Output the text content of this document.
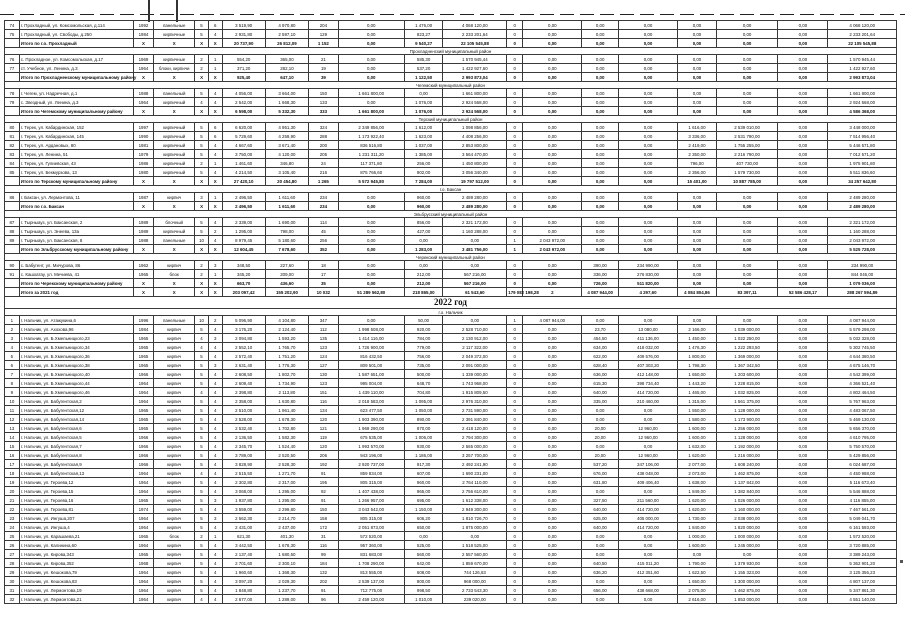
74	г. Прохладный, ул. Комсомольская, д.114	1992	панельные	5	6	3 519,90	4 970,80	204	0,00	1 476,00	4 068 120,00	0	0,00	0,00	0,00	0,00	0,00	0,00	4 068 120,00
75	г. Прохладный, ул. Свободы, д.250	1984	кирпичные	5	4	2 931,80	2 597,10	129	0,00	823,27	2 233 201,64	0	0,00	0,00	0,00	0,00	0,00	0,00	2 233 201,64
	Итого по г.о. Прохладный	X	X	X	X	20 737,90	26 812,09	1 152	0,00	9 540,27	22 105 545,88	0	0,00	0,00	0,00	0,00	0,00	0,00	22 105 545,88
Прохладненский муниципальный район																			
76	с. Прохладное, ул. Комсомольская, д.17	1969	кирпичные	2	1	554,20	365,00	21	0,00	585,30	1 570 945,44	0	0,00	0,00	0,00	0,00	0,00	0,00	1 570 945,44
77	ст. Учебное, ул. Ленина, д.3	1964	блоки, кирпичи	2	1	371,20	282,10	19	0,00	537,20	1 422 927,60	0	0,00	0,00	0,00	0,00	0,00	0,00	1 422 927,60
	Итого по Прохладненскому муниципальному району	X	X	X	X	925,40	647,10	39	0,00	1 122,50	2 993 873,04	0	0,00	0,00	0,00	0,00	0,00	0,00	2 993 873,04
Чегемский муниципальный район																			
78	г. Чегем, ул. Надречная, д.1	1988	панельный	5	4	4 056,00	3 664,00	150	1 661 800,00	0,00	1 661 800,00	0	0,00	0,00	0,00	0,00	0,00	0,00	1 661 800,00
79	с. Звездный, ул. Ленина, д.3	1964	кирпичный	4	4	2 542,00	1 668,30	133	0,00	1 076,00	2 924 568,00	0	0,00	0,00	0,00	0,00	0,00	0,00	2 924 568,00
	Итого по Чегемскому муниципальному району	X	X	X	X	6 598,00	5 332,30	333	1 661 800,00	1 076,00	2 924 568,00	0	0,00	0,00	0,00	0,00	0,00	0,00	4 586 368,00
Терский муниципальный район																			
80	г. Терек, ул. Кабардинская, 152	1997	кирпичный	5	6	6 620,00	4 951,30	324	2 349 856,00	1 612,00	1 098 856,00	0	0,00	0,00	0,00	1 616,00	2 539 010,00	0,00	3 448 000,00
81	г. Терек, ул. Кабардинская, 145	1990	кирпичный	5	6	5 729,60	4 259,90	288	1 173 922,40	1 623,00	4 408 256,00	0	0,00	0,00	0,00	3 336,00	2 531 790,00	0,00	7 514 956,40
82	г. Терек, ул. Ардановых, 80	1981	кирпичный	5	4	4 667,60	3 671,40	200	836 516,80	1 037,00	2 853 800,00	0	0,00	0,00	0,00	2 419,00	1 755 255,00	0,00	5 446 571,80
83	г. Терек, ул. Ленина, 51	1979	кирпичный	5	4	3 750,00	4 120,00	205	1 231 311,20	1 385,00	3 564 470,00	0	0,00	0,00	0,00	2 350,00	2 216 790,00	0,00	7 012 571,20
84	г. Терек, ул. Гулиевская, 43	1986	кирпичный	2	1	1 461,60	346,80	24	117 371,80	256,00	1 450 800,00	0	0,00	0,00	0,00	796,00	407 730,00	0,00	1 975 901,80
85	г. Терек, ул. Бекмурзова, 13	1980	кирпичный	5	4	4 214,50	3 105,40	216	875 766,60	902,00	3 056 340,00	0	0,00	0,00	0,00	2 356,00	1 579 730,00	0,00	5 511 836,60
	Итого по Терскому муниципальному району	X	X	X	X	27 420,10	20 454,80	1 265	5 572 945,80	7 284,00	19 797 512,00	0	0,00	0,00	0,00	15 401,00	10 887 785,00	0,00	34 257 642,80
г.о. Баксан																			
86	г. Баксан, ул. Лермонтова, 11	1987	кирпич	3	1	2 496,50	1 611,60	234	0,00	960,00	2 489 280,00	0	0,00	0,00	0,00	0,00	0,00	0,00	2 489 280,00
	Итого по г.о. Баксан	X	X	X	X	2 496,50	1 611,60	234	0,00	960,00	2 489 280,00	0	0,00	0,00	0,00	0,00	0,00	0,00	2 489 280,00
Эльбрусский муниципальный район																			
87	г. Тырныауз, ул. Баксанская, 2	1989	блочный	5	4	2 339,00	1 690,00	114	0,00	856,00	2 321 172,00	0	0,00	0,00	0,00	0,00	0,00	0,00	2 321 172,00
88	г. Тырныауз, ул. Энеева, 13а	1989	кирпичный	5	2	1 295,00	798,00	45	0,00	427,00	1 160 288,00	0	0,00	0,00	0,00	0,00	0,00	0,00	1 160 288,00
89	г. Тырныауз, ул. Баксанская, 8	1988	панельные	10	4	8 979,45	5 180,60	256	0,00	0,00	0,00	1	2 043 972,00	0,00	0,00	0,00	0,00	0,00	2 043 972,00
	Итого по Эльбрусскому муниципальному району	X	X	X	X	12 604,45	7 678,60	352	0,00	1 283,00	3 481 756,00	1	2 043 972,00	0,00	0,00	0,00	0,00	0,00	5 525 728,00
Черекский муниципальный район																			
90	с. Бабугент, ул. Мичурова, 86	1962	кирпич	2	3	348,50	227,60	18	0,00	0,00	0,00	0	0,00	390,00	234 990,00	0,00	0,00	0,00	234 990,00
91	с. Кашхатау, ул. Мечиева, 41	1965	блок	2	1	345,20	209,00	17	0,00	212,00	567 216,00	0	0,00	336,00	276 830,00	0,00	0,00	0,00	844 046,00
	Итого по Черекскому муниципальному району	X	X	X	X	663,70	436,60	35	0,00	212,00	567 216,00	0	0,00	726,00	511 820,00	0,00	0,00	0,00	1 079 036,00
	Итого за 2021 год	X	X	X	X	203 097,42	155 202,90	10 032	51 289 562,80	218 865,00	61 543,60	179 082 198,28	2	4 087 944,00	4 297,60	4 084 804,86	83 397,11	52 586 428,17	288 267 594,89
2022 год																			
г.о. Нальчик																			
1	г. Нальчик, ул. Атажукина,6	1996	панельные	10	2	5 096,90	4 104,80	347	0,00	50,00	0,00	1	4 087 944,00	0,00	0,00	0,00	0,00	0,00	4 087 944,00
2	г. Нальчик, ул. Ахохова,96	1984	кирпич	5	4	3 176,20	2 124,40	112	1 998 508,00	920,00	2 528 710,00	0	0,00	23,70	13 080,00	2 166,00	1 039 000,00	0,00	5 579 298,00
3	г. Нальчик, ул. Б.Хмельницкого,23	1965	кирпич	4	3	2 094,80	1 593,20	135	1 414 116,00	784,00	2 130 912,00	0	0,00	454,50	411 136,00	1 450,00	1 022 250,00	0,00	5 032 328,00
4	г. Нальчик, ул. Б.Хмельницкого,34	1965	кирпич	4	4	2 552,10	1 765,70	123	1 726 900,00	779,00	2 117 322,00	0	0,00	634,00	418 032,00	1 476,30	1 222 293,50	0,00	5 302 745,50
5	г. Нальчик, ул. Б.Хмельницкого,36	1965	кирпич	5	4	2 572,40	1 751,20	124	816 432,50	756,00	2 049 372,00	0	0,00	622,00	409 576,00	1 800,00	1 369 000,00	0,00	4 644 380,50
6	г. Нальчик, ул. Б.Хмельницкого,38	1965	кирпич	5	3	2 631,40	1 776,30	127	809 501,00	735,00	2 091 000,00	0	0,00	628,40	407 303,20	1 798,30	1 367 342,50	0,00	4 675 146,70
7	г. Нальчик, ул. Б.Хмельницкого,40	1966	кирпич	5	4	2 608,50	1 802,70	130	1 587 651,00	500,00	1 339 000,00	0	0,00	636,00	412 148,00	1 650,00	1 203 600,00	0,00	4 542 399,00
8	г. Нальчик, ул. Б.Хмельницкого,44	1964	кирпич	5	4	2 609,40	1 734,90	123	995 004,00	648,70	1 743 968,00	0	0,00	615,30	398 734,40	1 443,20	1 228 815,00	0,00	4 366 521,40
9	г. Нальчик, ул. Б.Хмельницкого,46	1964	кирпич	4	4	2 398,80	2 113,80	151	1 439 110,00	704,80	1 915 809,50	0	0,00	640,00	414 720,00	1 465,00	1 032 825,00	0,00	4 802 464,50
10	г. Нальчик, ул. Бабугентская,2	1964	кирпич	5	4	2 358,00	1 630,80	116	2 018 583,00	1 095,00	2 976 310,00	0	0,00	335,00	210 460,00	1 315,00	1 561 375,00	0,00	5 767 963,00
11	г. Нальчик, ул. Бабугентская,12	1965	кирпич	5	4	2 510,00	1 961,40	134	623 477,50	1 050,00	2 731 590,00	0	0,00	0,00	0,00	1 550,00	1 128 000,00	0,00	4 483 067,50
12	г. Нальчик, ул. Бабугентская,14	1965	кирпич	5	4	2 528,00	1 678,30	120	1 903 390,00	890,00	2 391 840,00	0	0,00	0,00	0,00	1 580,00	1 173 900,00	0,00	5 469 130,00
13	г. Нальчик, ул. Бабугентская,6	1965	кирпич	5	4	2 532,40	1 702,80	121	1 969 290,00	870,00	2 418 120,00	0	0,00	20,00	12 960,00	1 600,00	1 256 000,00	0,00	5 656 370,00
14	г. Нальчик, ул. Бабугентская,5	1966	кирпич	5	4	2 136,50	1 582,30	119	675 535,00	1 006,00	2 794 300,00	0	0,00	20,00	12 960,00	1 600,00	1 128 000,00	0,00	4 610 795,00
15	г. Нальчик, ул. Бабугентская,7	1966	кирпич	5	4	2 345,70	1 524,40	120	1 993 570,00	930,00	2 565 000,00	0	0,00	0,00	0,00	1 632,00	1 192 000,00	0,00	5 750 570,00
16	г. Нальчик, ул. Бабугентская,8	1966	кирпич	5	4	3 789,00	2 520,50	206	943 196,00	1 186,00	3 257 700,00	0	0,00	20,00	12 960,00	1 620,00	1 216 000,00	0,00	5 429 856,00
17	г. Нальчик, ул. Бабугентская,9	1966	кирпич	5	4	3 828,90	2 528,30	192	2 920 737,00	917,30	2 492 241,90	0	0,00	537,20	347 106,00	2 077,00	1 608 240,00	0,00	6 024 687,00
18	г. Нальчик, ул. Бабугентская,13	1964	кирпич	4	4	2 515,50	1 271,70	91	859 834,00	607,00	1 690 231,00	0	0,00	676,00	438 048,00	2 073,00	1 462 875,00	0,00	4 450 988,00
19	г. Нальчик, ул. Героева,12	1964	кирпич	5	4	2 302,80	2 317,00	195	805 315,00	960,00	2 764 110,00	0	0,00	631,80	409 406,40	1 638,00	1 137 842,00	0,00	5 116 673,40
20	г. Нальчик, ул. Героева,15	1964	кирпич	5	4	3 068,00	1 295,00	92	1 407 438,00	965,00	2 756 610,00	0	0,00	0,00	0,00	1 849,00	1 382 840,00	0,00	5 546 888,00
21	г. Нальчик, ул. Героева,16	1965	кирпич	5	3	1 937,80	1 295,00	91	1 266 957,00	695,00	1 612 338,00	0	0,00	327,50	211 560,00	1 620,00	1 026 000,00	0,00	4 116 855,00
22	г. Нальчик, ул. Героева,81	1974	кирпич	5	4	3 559,00	2 299,80	150	3 043 542,00	1 150,00	2 949 300,00	0	0,00	640,00	414 720,00	1 620,00	1 160 000,00	0,00	7 467 561,00
23	г. Нальчик, ул. Ингуша,207	1964	кирпич	5	3	2 562,30	2 214,70	158	805 315,00	606,20	1 810 726,70	0	0,00	625,00	405 000,00	1 730,00	2 038 000,00	0,00	5 049 041,70
24	г. Нальчик, ул. Ингуша,4	1964	кирпич	5	4	2 431,00	2 437,00	172	2 051 873,00	650,00	1 875 000,00	0	0,00	640,00	414 720,00	1 840,00	1 820 000,00	0,00	6 161 593,00
25	г. Нальчик, ул. Карашаева,21	1965	блок	2	1	621,30	401,30	31	572 520,00	0,00	0,00	0	0,00	0,00	0,00	1 000,00	1 000 000,00	0,00	1 572 520,00
26	г. Нальчик, ул. Калинина,60	1964	кирпич	5	4	3 442,50	1 678,30	116	957 360,00	525,00	1 518 525,00	0	0,00	0,00	0,00	1 600,00	1 245 000,00	0,00	3 720 885,00
27	г. Нальчик, ул. Кирова,343	1965	кирпич	5	4	2 137,40	1 680,50	99	831 683,00	560,00	2 557 560,00	0	0,00	0,00	0,00	0,00	0,00	0,00	3 389 243,00
28	г. Нальчик, ул. Кирова,352	1968	кирпич	5	4	2 701,60	2 300,10	184	1 708 290,00	642,00	1 859 670,00	0	0,00	640,50	415 011,20	1 790,00	1 379 930,00	0,00	5 362 901,20
29	г. Нальчик, ул. Кешокова,79	1964	кирпич	5	4	1 960,60	1 368,30	132	813 555,00	608,00	744 126,63	0	0,00	636,20	412 351,60	1 622,50	1 155 323,00	0,00	3 125 356,23
30	г. Нальчик, ул. Кешокова,83	1964	кирпич	5	4	3 097,20	2 029,30	202	2 539 137,00	800,00	968 000,00	0	0,00	0,00	0,00	1 650,00	1 300 000,00	0,00	4 807 137,00
31	г. Нальчик, ул. Лермонтова,19	1964	кирпич	5	4	1 848,80	1 237,70	91	712 775,00	998,50	2 733 543,30	0	0,00	656,00	438 668,00	2 075,00	1 462 875,00	0,00	5 347 861,30
32	г. Нальчик, ул. Лермонтова,21	1964	кирпич	4	4	2 677,00	1 289,00	96	2 459 120,00	1 010,00	239 020,00	0	0,00	0,00	0,00	2 616,00	1 853 000,00	0,00	4 551 140,00
